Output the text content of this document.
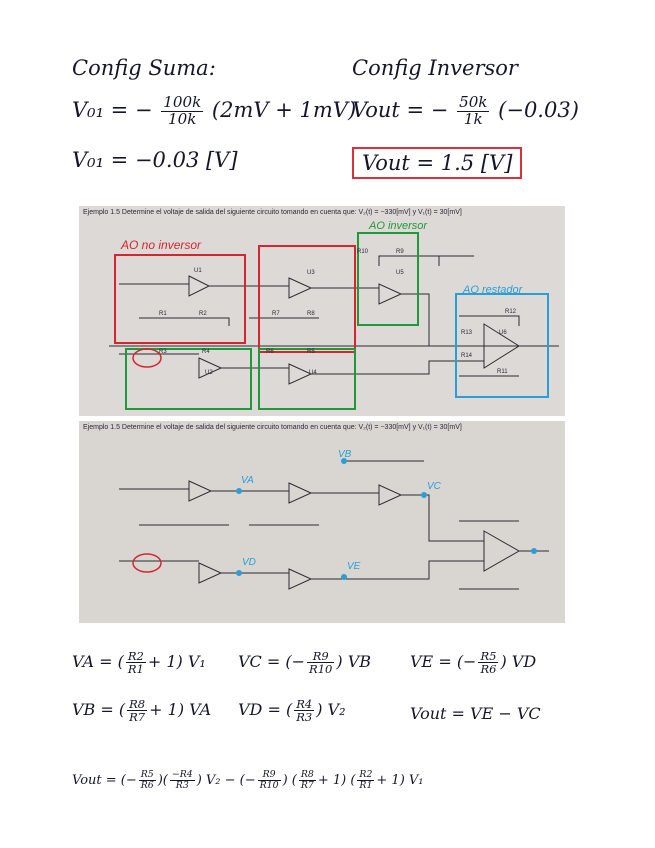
Config Suma:
V₀₁ = − $\frac{100k}{10k} (2mV + 1mV)$
V₀₁ = −0.03 [V]
Config Inversor
Vout = − $\frac{50k}{1k} (-0.03)$
Vout = 1.5 [V]
Ejemplo 1.5 Determine el voltaje de salida del siguiente circuito tomando en cuenta que: V₂(t) = −330[mV] y V₁(t) = 30[mV]
AO no inversor
AO inversor
AO restador
U1	U3	U5
U6
U2	U4
R1	R2
R3	R4	R5
R6
R7	R8
R9
R10
R11
R12
R13
R14
Ejemplo 1.5 Determine el voltaje de salida del siguiente circuito tomando en cuenta que: V₂(t) = −330[mV] y V₁(t) = 30[mV]
VA
VB
VC
VD	VE
VA = ( $\frac{R2}{R1} + 1$) V₁ VC = (− $\frac{R9}{R10}$ ) VB VE = (− $\frac{R5}{R6}$ ) VD
VB = ( $\frac{R8}{R7} + 1$) VA VD = ( $\frac{R4}{R3}$ ) V₂	Vout = VE − VC
Vout = (− $\frac{R5}{R6}$ )( $\frac{-R4}{R3}$ ) V₂ − (− $\frac{R9}{R10}$ ) ( $\frac{R8}{R7} + 1$) ( $\frac{R2}{R1} + 1$) V₁
